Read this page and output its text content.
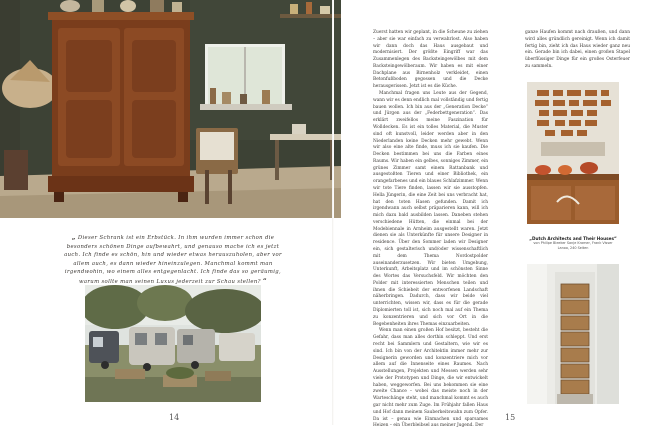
„ Dieser Schrank ist ein Erbstück. In ihm wurden immer schon die besonders schönen Dinge aufbewahrt, und genauso mache ich es jetzt auch. Ich finde es schön, hin und wieder etwas herauszuholen, aber vor allem auch, es dann wieder hineinzulegen. Manchmal kommt man irgendwohin, wo einem alles entgegenlacht. Ich finde das so geräumig, warum sollte man seinen Luxus jederzeit zur Schau stellen? “
14

Zuerst hatten wir geplant, in die Scheune zu ziehen – aber sie war einfach zu verwahrlost. Also haben wir dann doch das Haus ausgebaut und modernisiert. Der größte Eingriff war das Zusammenlegen des Backsteingewölbes mit dem Backsteingewölberaum. Wir haben es mit einer Dachplane aus Birnenholz verkleidet, einen Betonfußboden gegossen und die Decke herausgerissen. Jetzt ist es die Küche.

Manchmal fragen uns Leute aus der Gegend, wann wir es denn endlich mal vollständig und fertig bauen wollen. Ich bin aus der „Generation Decke“ und Jürgen aus der „Federbettgeneration“. Das erklärt zweifellos meine Faszination für Wolldecken. Es ist ein tolles Material, die Muster sind oft kunstvoll, leider werden aber in den Niederlanden keine Decken mehr gewebt. Wenn wir also eine alte finde, muss ich sie kaufen. Die Decken bestimmen bei uns die Farben eines Raums. Wir haben ein gelbes, sonniges Zimmer, ein grünes Zimmer samt einem Rattanbank und ausgestoßten Tieren und einer Bibliothek, ein orangefarbenes und ein blaues Schlafzimmer. Wenn wir tote Tiere finden, lassen wir sie ausstopfen. Hella Jüngerin, die eine Zeit bei uns verbracht hat, hat den toten Hasen gefunden. Damit ich irgendwann auch selbst präparieren kann, will ich mich dazu bald ausbilden lassen. Daneben stehen verschiedene Hütten, die einmal bei der Modebiennale in Arnheim ausgestellt waren. Jetzt dienen sie als Unterkünfte für unsere Designer in residence. Über den Sommer laden wir Designer ein, sich gestalterisch und/oder wissenschaftlich mit dem Thema Nordostpolder auseinanderzusetzen. Wir bieten Umgebung, Unterkunft, Arbeitsplatz und im schönsten Sinne des Wortes das Versuchsfeld. Wir möchten den Polder mit interessierten Menschen teilen und ihnen die Schiebeit der entworfenen Landschaft näherbringen. Dadurch, dass wir beide viel unterrichten, wissen wir, dass es für die gerade Diplomierten toll ist, sich noch mal auf ein Thema zu konzentrieren und sich vor Ort in die Begebenheiten ihres Themas einzuarbeiten.

Wenn man einen großen Hof besitzt, besteht die Gefahr, dass man alles dorthin schleppt. Und erst recht bei Sammlern und Gestaltern, wie wir es sind. Ich bin von der Architektin immer mehr zur Designerin geworden und konzentriere mich vor allem auf die Innenseite eines Raumes. Nach Ausstellungen, Projekten und Messen werden sehr viele der Prototypen und Dinge, die wir entwickelt haben, weggeworfen. Bei uns bekommen sie eine zweite Chance – wobei das meiste noch in der Warteschänge steht, und manchmal kommt es auch gar nicht mehr zum Zuge. Im Frühjahr fallen Haus und Hof dann meinem Sauberkeitswahn zum Opfer. Da ist – genau wie Einmachen und sparsames Heizen – ein Überbleibsel aus meiner Jugend. Der

ganze Haufen kommt nach draußen, und dann wird alles gründlich gereinigt. Wenn ich damit fertig bin, zieht ich das Haus wieder ganz neu ein. Gerade bin ich dabei, einen großen Stapel überflüssiger Dinge für ein großes Osterfeuer zu sammeln.

„Dutch Architects and Their Houses“
von Philipe Bleeker Sanje Kramer, Frank Visser
Lanoo, 240 Seiten
15
